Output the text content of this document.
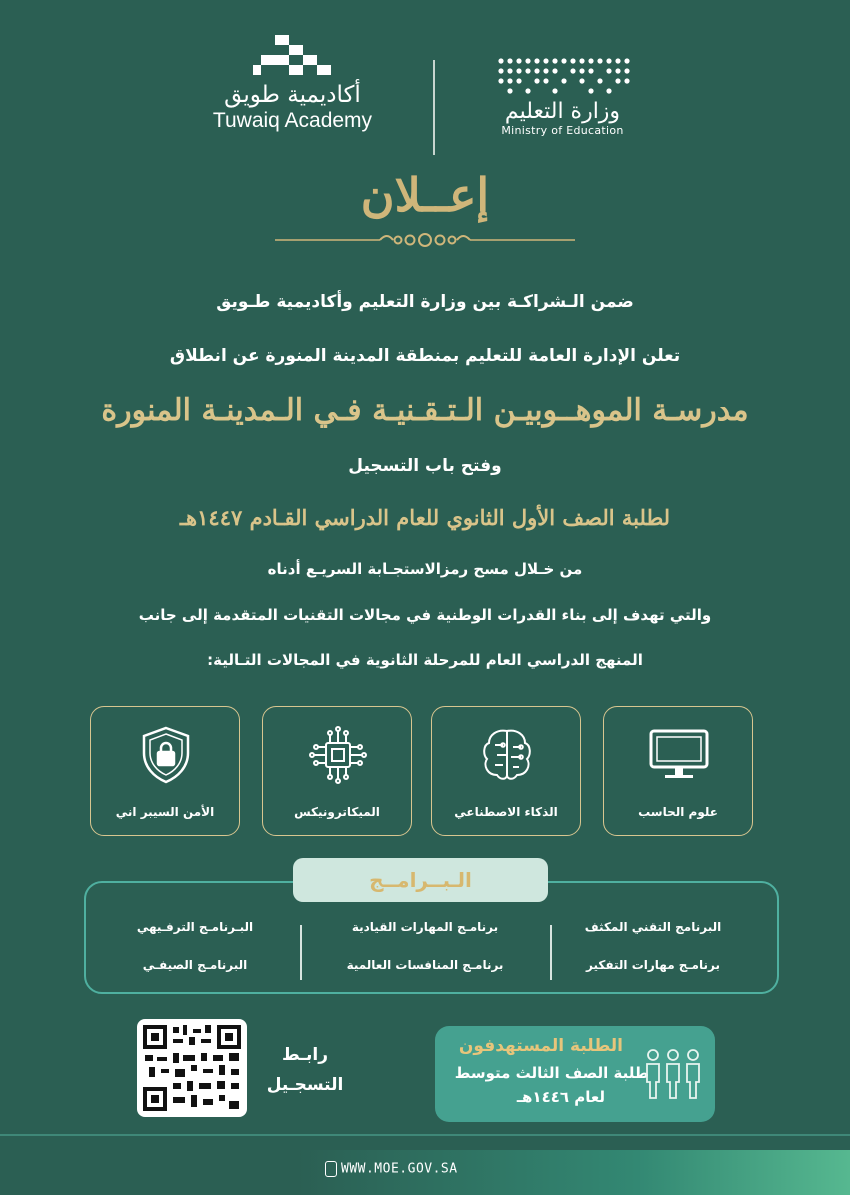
أكاديمية طويق
Tuwaiq Academy	وزارة التعليم
Ministry of Education
إعــلان
ضمن الـشراكـة بين وزارة التعليم وأكاديمية طـويق
تعلن الإدارة العامة للتعليم بمنطقة المدينة المنورة عن انطلاق
مدرسـة الموهــوبيـن الـتـقـنيـة فـي الـمدينـة المنورة
وفتح باب التسجيل
لطلبة الصف الأول الثانوي للعام الدراسي القـادم ١٤٤٧هـ
من خـلال مسح رمزالاستجـابة السريـع أدناه
والتي تهدف إلى بناء القدرات الوطنية في مجالات التقنيات المتقدمة إلى جانب
المنهج الدراسي العام للمرحلة الثانوية في المجالات التـالية:
علوم الحاسب
الذكاء الاصطناعي
الميكاترونيكس
الأمن السيبر اني
الـبــرامــج
البرنامج التقني المكثف
برنامـج مهارات التفكير
برنامـج المهارات القيادية
برنامـج المنافسات العالمية
البـرنامـج الترفـيهي
البرنامـج الصيفـي
رابـط
التسجـيل
الطلبة المستهدفون
طلبة الصف الثالث متوسط
لعام ١٤٤٦هـ
WWW.MOE.GOV.SA
